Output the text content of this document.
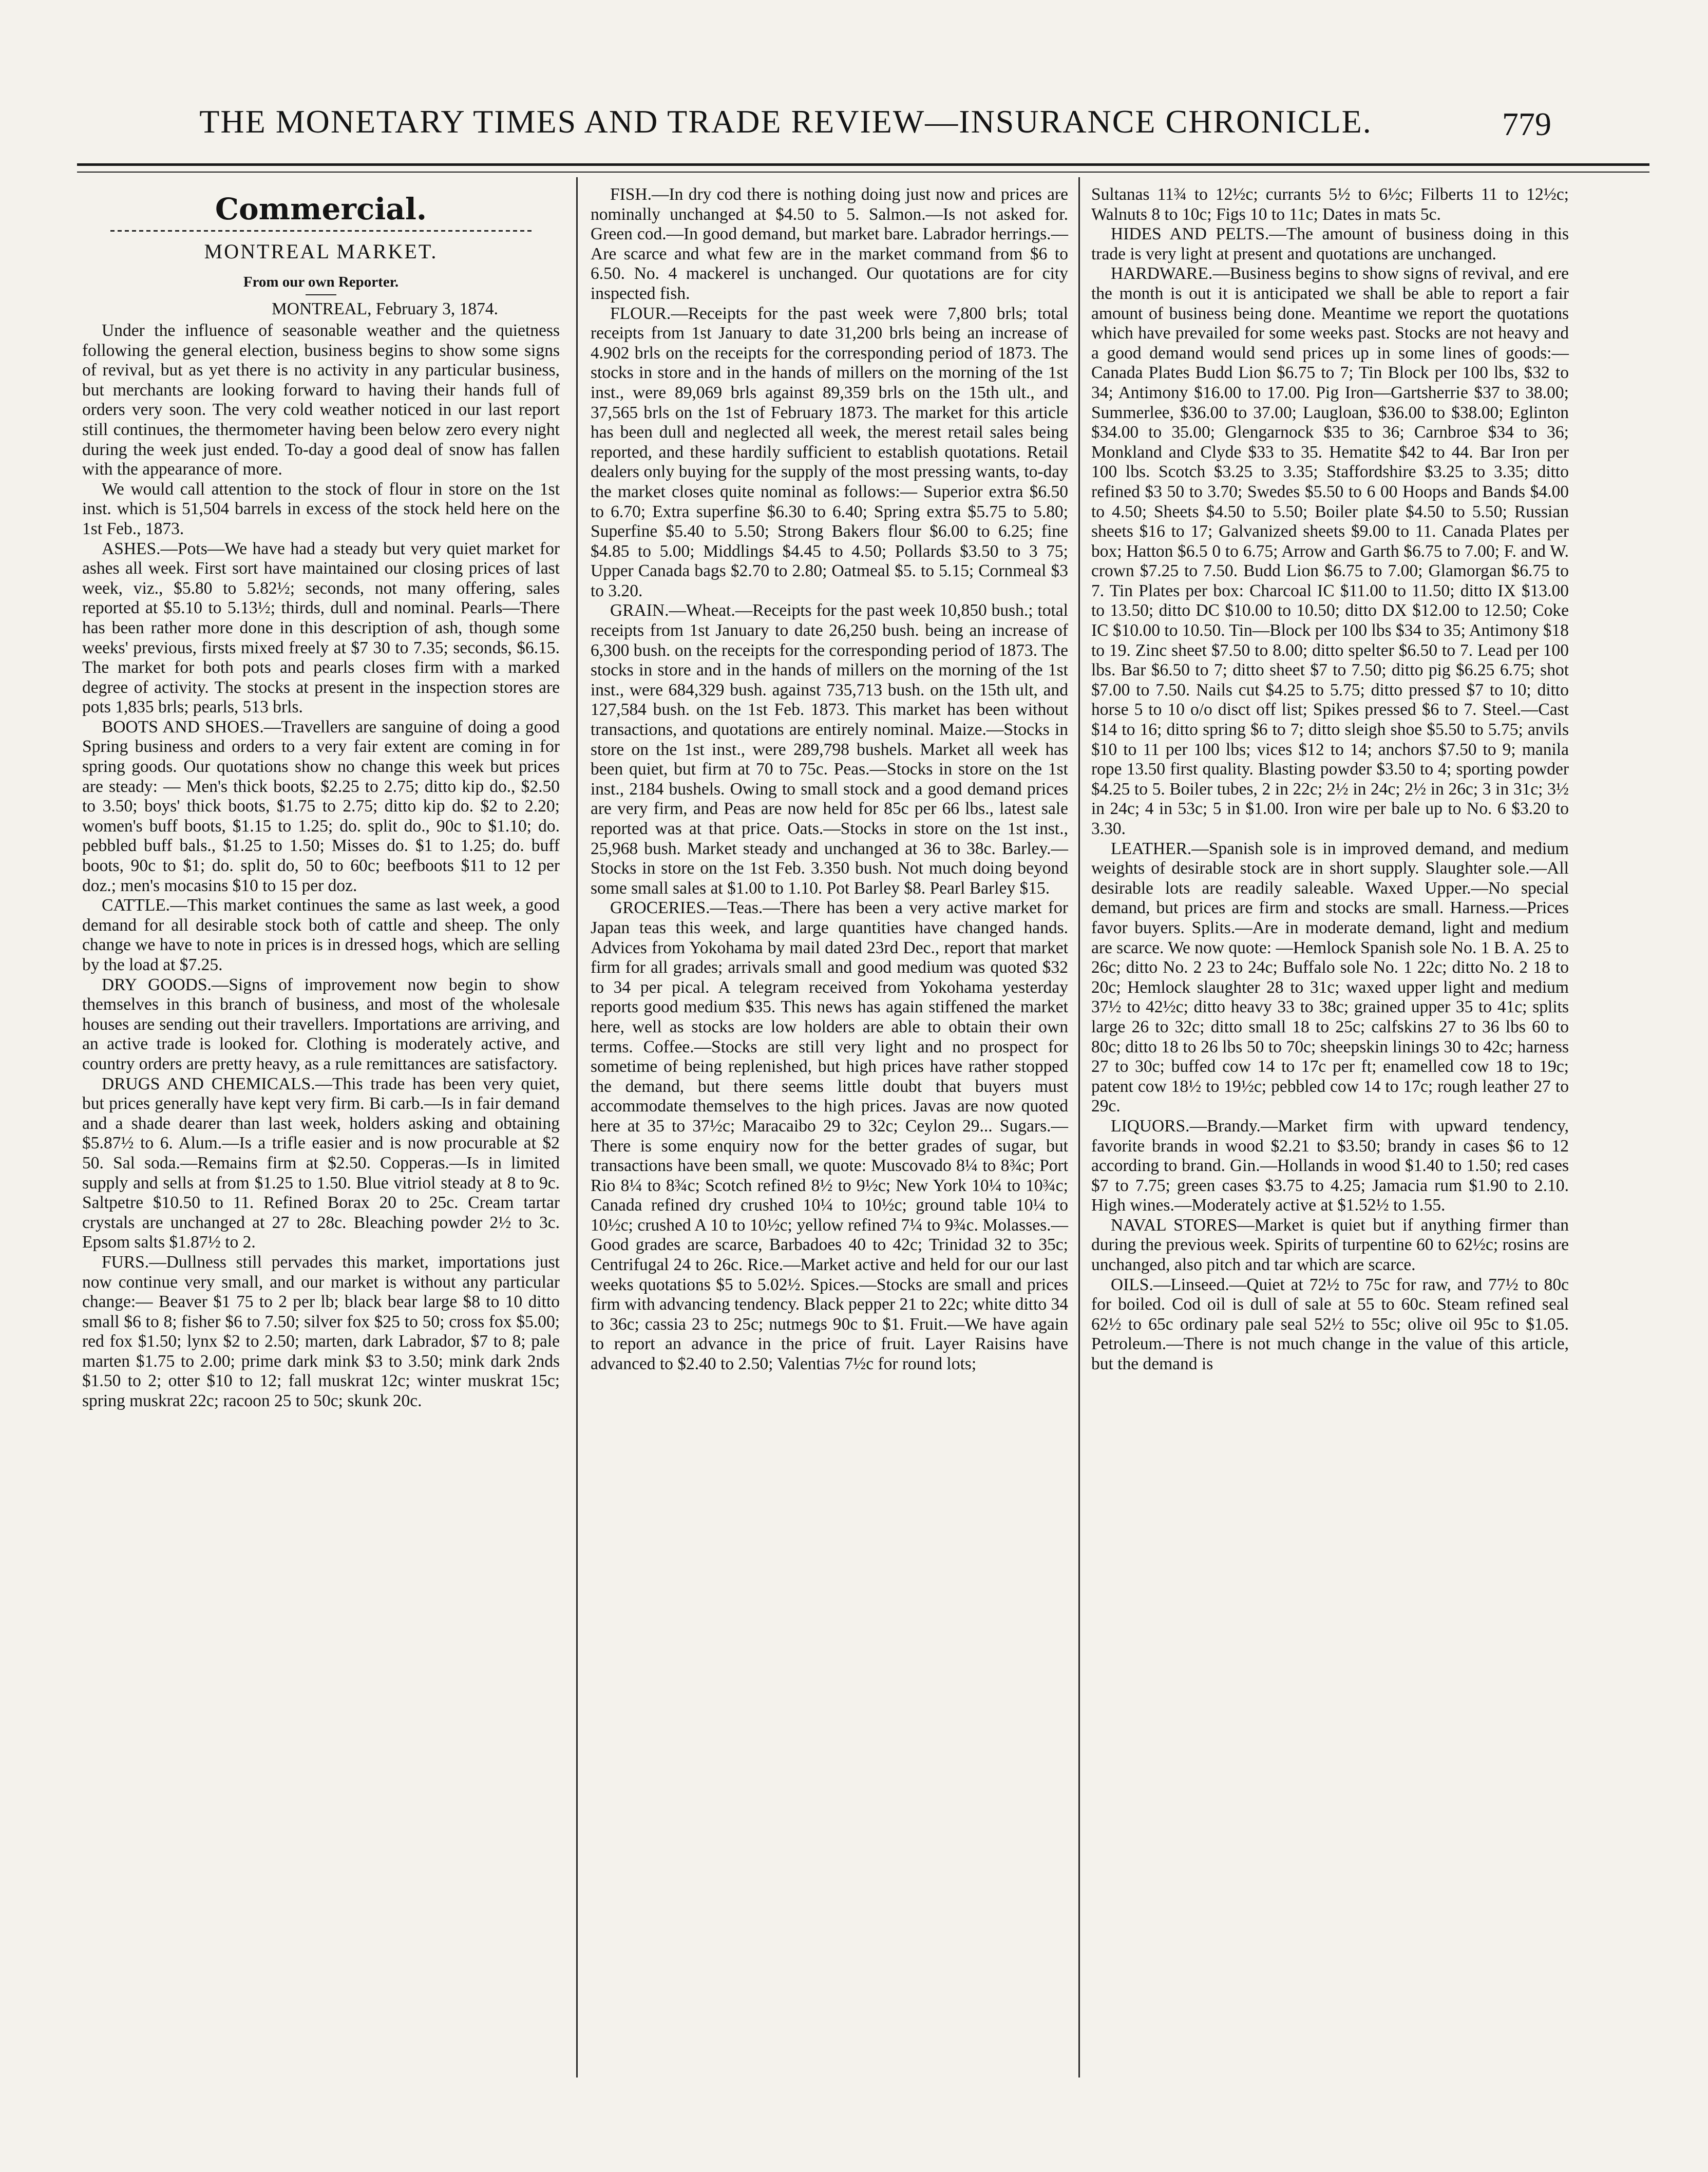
THE MONETARY TIMES AND TRADE REVIEW—INSURANCE CHRONICLE.	779
Commercial.
MONTREAL MARKET.
From our own Reporter.
MONTREAL, February 3, 1874.

Under the influence of seasonable weather and the quietness following the general election, business begins to show some signs of revival, but as yet there is no activity in any particular business, but merchants are looking forward to having their hands full of orders very soon. The very cold weather noticed in our last report still continues, the thermometer having been below zero every night during the week just ended. To-day a good deal of snow has fallen with the appearance of more.

We would call attention to the stock of flour in store on the 1st inst. which is 51,504 barrels in excess of the stock held here on the 1st Feb., 1873.

ASHES.—Pots—We have had a steady but very quiet market for ashes all week. First sort have maintained our closing prices of last week, viz., $5.80 to 5.82½; seconds, not many offering, sales reported at $5.10 to 5.13½; thirds, dull and nominal. Pearls—There has been rather more done in this description of ash, though some weeks' previous, firsts mixed freely at $7 30 to 7.35; seconds, $6.15. The market for both pots and pearls closes firm with a marked degree of activity. The stocks at present in the inspection stores are pots 1,835 brls; pearls, 513 brls.

BOOTS AND SHOES.—Travellers are sanguine of doing a good Spring business and orders to a very fair extent are coming in for spring goods. Our quotations show no change this week but prices are steady: — Men's thick boots, $2.25 to 2.75; ditto kip do., $2.50 to 3.50; boys' thick boots, $1.75 to 2.75; ditto kip do. $2 to 2.20; women's buff boots, $1.15 to 1.25; do. split do., 90c to $1.10; do. pebbled buff bals., $1.25 to 1.50; Misses do. $1 to 1.25; do. buff boots, 90c to $1; do. split do, 50 to 60c; beefboots $11 to 12 per doz.; men's mocasins $10 to 15 per doz.

CATTLE.—This market continues the same as last week, a good demand for all desirable stock both of cattle and sheep. The only change we have to note in prices is in dressed hogs, which are selling by the load at $7.25.

DRY GOODS.—Signs of improvement now begin to show themselves in this branch of business, and most of the wholesale houses are sending out their travellers. Importations are arriving, and an active trade is looked for. Clothing is moderately active, and country orders are pretty heavy, as a rule remittances are satisfactory.

DRUGS AND CHEMICALS.—This trade has been very quiet, but prices generally have kept very firm. Bi carb.—Is in fair demand and a shade dearer than last week, holders asking and obtaining $5.87½ to 6. Alum.—Is a trifle easier and is now procurable at $2 50. Sal soda.—Remains firm at $2.50. Copperas.—Is in limited supply and sells at from $1.25 to 1.50. Blue vitriol steady at 8 to 9c. Saltpetre $10.50 to 11. Refined Borax 20 to 25c. Cream tartar crystals are unchanged at 27 to 28c. Bleaching powder 2½ to 3c. Epsom salts $1.87½ to 2.

FURS.—Dullness still pervades this market, importations just now continue very small, and our market is without any particular change:— Beaver $1 75 to 2 per lb; black bear large $8 to 10 ditto small $6 to 8; fisher $6 to 7.50; silver fox $25 to 50; cross fox $5.00; red fox $1.50; lynx $2 to 2.50; marten, dark Labrador, $7 to 8; pale marten $1.75 to 2.00; prime dark mink $3 to 3.50; mink dark 2nds $1.50 to 2; otter $10 to 12; fall muskrat 12c; winter muskrat 15c; spring muskrat 22c; racoon 25 to 50c; skunk 20c.

FISH.—In dry cod there is nothing doing just now and prices are nominally unchanged at $4.50 to 5. Salmon.—Is not asked for. Green cod.—In good demand, but market bare. Labrador herrings.—Are scarce and what few are in the market command from $6 to 6.50. No. 4 mackerel is unchanged. Our quotations are for city inspected fish.

FLOUR.—Receipts for the past week were 7,800 brls; total receipts from 1st January to date 31,200 brls being an increase of 4.902 brls on the receipts for the corresponding period of 1873. The stocks in store and in the hands of millers on the morning of the 1st inst., were 89,069 brls against 89,359 brls on the 15th ult., and 37,565 brls on the 1st of February 1873. The market for this article has been dull and neglected all week, the merest retail sales being reported, and these hardily sufficient to establish quotations. Retail dealers only buying for the supply of the most pressing wants, to-day the market closes quite nominal as follows:— Superior extra $6.50 to 6.70; Extra superfine $6.30 to 6.40; Spring extra $5.75 to 5.80; Superfine $5.40 to 5.50; Strong Bakers flour $6.00 to 6.25; fine $4.85 to 5.00; Middlings $4.45 to 4.50; Pollards $3.50 to 3 75; Upper Canada bags $2.70 to 2.80; Oatmeal $5. to 5.15; Cornmeal $3 to 3.20.

GRAIN.—Wheat.—Receipts for the past week 10,850 bush.; total receipts from 1st January to date 26,250 bush. being an increase of 6,300 bush. on the receipts for the corresponding period of 1873. The stocks in store and in the hands of millers on the morning of the 1st inst., were 684,329 bush. against 735,713 bush. on the 15th ult, and 127,584 bush. on the 1st Feb. 1873. This market has been without transactions, and quotations are entirely nominal. Maize.—Stocks in store on the 1st inst., were 289,798 bushels. Market all week has been quiet, but firm at 70 to 75c. Peas.—Stocks in store on the 1st inst., 2184 bushels. Owing to small stock and a good demand prices are very firm, and Peas are now held for 85c per 66 lbs., latest sale reported was at that price. Oats.—Stocks in store on the 1st inst., 25,968 bush. Market steady and unchanged at 36 to 38c. Barley.—Stocks in store on the 1st Feb. 3.350 bush. Not much doing beyond some small sales at $1.00 to 1.10. Pot Barley $8. Pearl Barley $15.

GROCERIES.—Teas.—There has been a very active market for Japan teas this week, and large quantities have changed hands. Advices from Yokohama by mail dated 23rd Dec., report that market firm for all grades; arrivals small and good medium was quoted $32 to 34 per pical. A telegram received from Yokohama yesterday reports good medium $35. This news has again stiffened the market here, well as stocks are low holders are able to obtain their own terms. Coffee.—Stocks are still very light and no prospect for sometime of being replenished, but high prices have rather stopped the demand, but there seems little doubt that buyers must accommodate themselves to the high prices. Javas are now quoted here at 35 to 37½c; Maracaibo 29 to 32c; Ceylon 29... Sugars.—There is some enquiry now for the better grades of sugar, but transactions have been small, we quote: Muscovado 8¼ to 8¾c; Port Rio 8¼ to 8¾c; Scotch refined 8½ to 9½c; New York 10¼ to 10¾c; Canada refined dry crushed 10¼ to 10½c; ground table 10¼ to 10½c; crushed A 10 to 10½c; yellow refined 7¼ to 9¾c. Molasses.—Good grades are scarce, Barbadoes 40 to 42c; Trinidad 32 to 35c; Centrifugal 24 to 26c. Rice.—Market active and held for our our last weeks quotations $5 to 5.02½. Spices.—Stocks are small and prices firm with advancing tendency. Black pepper 21 to 22c; white ditto 34 to 36c; cassia 23 to 25c; nutmegs 90c to $1. Fruit.—We have again to report an advance in the price of fruit. Layer Raisins have advanced to $2.40 to 2.50; Valentias 7½c for round lots;

Sultanas 11¾ to 12½c; currants 5½ to 6½c; Filberts 11 to 12½c; Walnuts 8 to 10c; Figs 10 to 11c; Dates in mats 5c.

HIDES AND PELTS.—The amount of business doing in this trade is very light at present and quotations are unchanged.

HARDWARE.—Business begins to show signs of revival, and ere the month is out it is anticipated we shall be able to report a fair amount of business being done. Meantime we report the quotations which have prevailed for some weeks past. Stocks are not heavy and a good demand would send prices up in some lines of goods:—Canada Plates Budd Lion $6.75 to 7; Tin Block per 100 lbs, $32 to 34; Antimony $16.00 to 17.00. Pig Iron—Gartsherrie $37 to 38.00; Summerlee, $36.00 to 37.00; Laugloan, $36.00 to $38.00; Eglinton $34.00 to 35.00; Glengarnock $35 to 36; Carnbroe $34 to 36; Monkland and Clyde $33 to 35. Hematite $42 to 44. Bar Iron per 100 lbs. Scotch $3.25 to 3.35; Staffordshire $3.25 to 3.35; ditto refined $3 50 to 3.70; Swedes $5.50 to 6 00 Hoops and Bands $4.00 to 4.50; Sheets $4.50 to 5.50; Boiler plate $4.50 to 5.50; Russian sheets $16 to 17; Galvanized sheets $9.00 to 11. Canada Plates per box; Hatton $6.5 0 to 6.75; Arrow and Garth $6.75 to 7.00; F. and W. crown $7.25 to 7.50. Budd Lion $6.75 to 7.00; Glamorgan $6.75 to 7. Tin Plates per box: Charcoal IC $11.00 to 11.50; ditto IX $13.00 to 13.50; ditto DC $10.00 to 10.50; ditto DX $12.00 to 12.50; Coke IC $10.00 to 10.50. Tin—Block per 100 lbs $34 to 35; Antimony $18 to 19. Zinc sheet $7.50 to 8.00; ditto spelter $6.50 to 7. Lead per 100 lbs. Bar $6.50 to 7; ditto sheet $7 to 7.50; ditto pig $6.25 6.75; shot $7.00 to 7.50. Nails cut $4.25 to 5.75; ditto pressed $7 to 10; ditto horse 5 to 10 o/o disct off list; Spikes pressed $6 to 7. Steel.—Cast $14 to 16; ditto spring $6 to 7; ditto sleigh shoe $5.50 to 5.75; anvils $10 to 11 per 100 lbs; vices $12 to 14; anchors $7.50 to 9; manila rope 13.50 first quality. Blasting powder $3.50 to 4; sporting powder $4.25 to 5. Boiler tubes, 2 in 22c; 2½ in 24c; 2½ in 26c; 3 in 31c; 3½ in 24c; 4 in 53c; 5 in $1.00. Iron wire per bale up to No. 6 $3.20 to 3.30.

LEATHER.—Spanish sole is in improved demand, and medium weights of desirable stock are in short supply. Slaughter sole.—All desirable lots are readily saleable. Waxed Upper.—No special demand, but prices are firm and stocks are small. Harness.—Prices favor buyers. Splits.—Are in moderate demand, light and medium are scarce. We now quote: —Hemlock Spanish sole No. 1 B. A. 25 to 26c; ditto No. 2 23 to 24c; Buffalo sole No. 1 22c; ditto No. 2 18 to 20c; Hemlock slaughter 28 to 31c; waxed upper light and medium 37½ to 42½c; ditto heavy 33 to 38c; grained upper 35 to 41c; splits large 26 to 32c; ditto small 18 to 25c; calfskins 27 to 36 lbs 60 to 80c; ditto 18 to 26 lbs 50 to 70c; sheepskin linings 30 to 42c; harness 27 to 30c; buffed cow 14 to 17c per ft; enamelled cow 18 to 19c; patent cow 18½ to 19½c; pebbled cow 14 to 17c; rough leather 27 to 29c.

LIQUORS.—Brandy.—Market firm with upward tendency, favorite brands in wood $2.21 to $3.50; brandy in cases $6 to 12 according to brand. Gin.—Hollands in wood $1.40 to 1.50; red cases $7 to 7.75; green cases $3.75 to 4.25; Jamacia rum $1.90 to 2.10. High wines.—Moderately active at $1.52½ to 1.55.

NAVAL STORES—Market is quiet but if anything firmer than during the previous week. Spirits of turpentine 60 to 62½c; rosins are unchanged, also pitch and tar which are scarce.

OILS.—Linseed.—Quiet at 72½ to 75c for raw, and 77½ to 80c for boiled. Cod oil is dull of sale at 55 to 60c. Steam refined seal 62½ to 65c ordinary pale seal 52½ to 55c; olive oil 95c to $1.05. Petroleum.—There is not much change in the value of this article, but the demand is
